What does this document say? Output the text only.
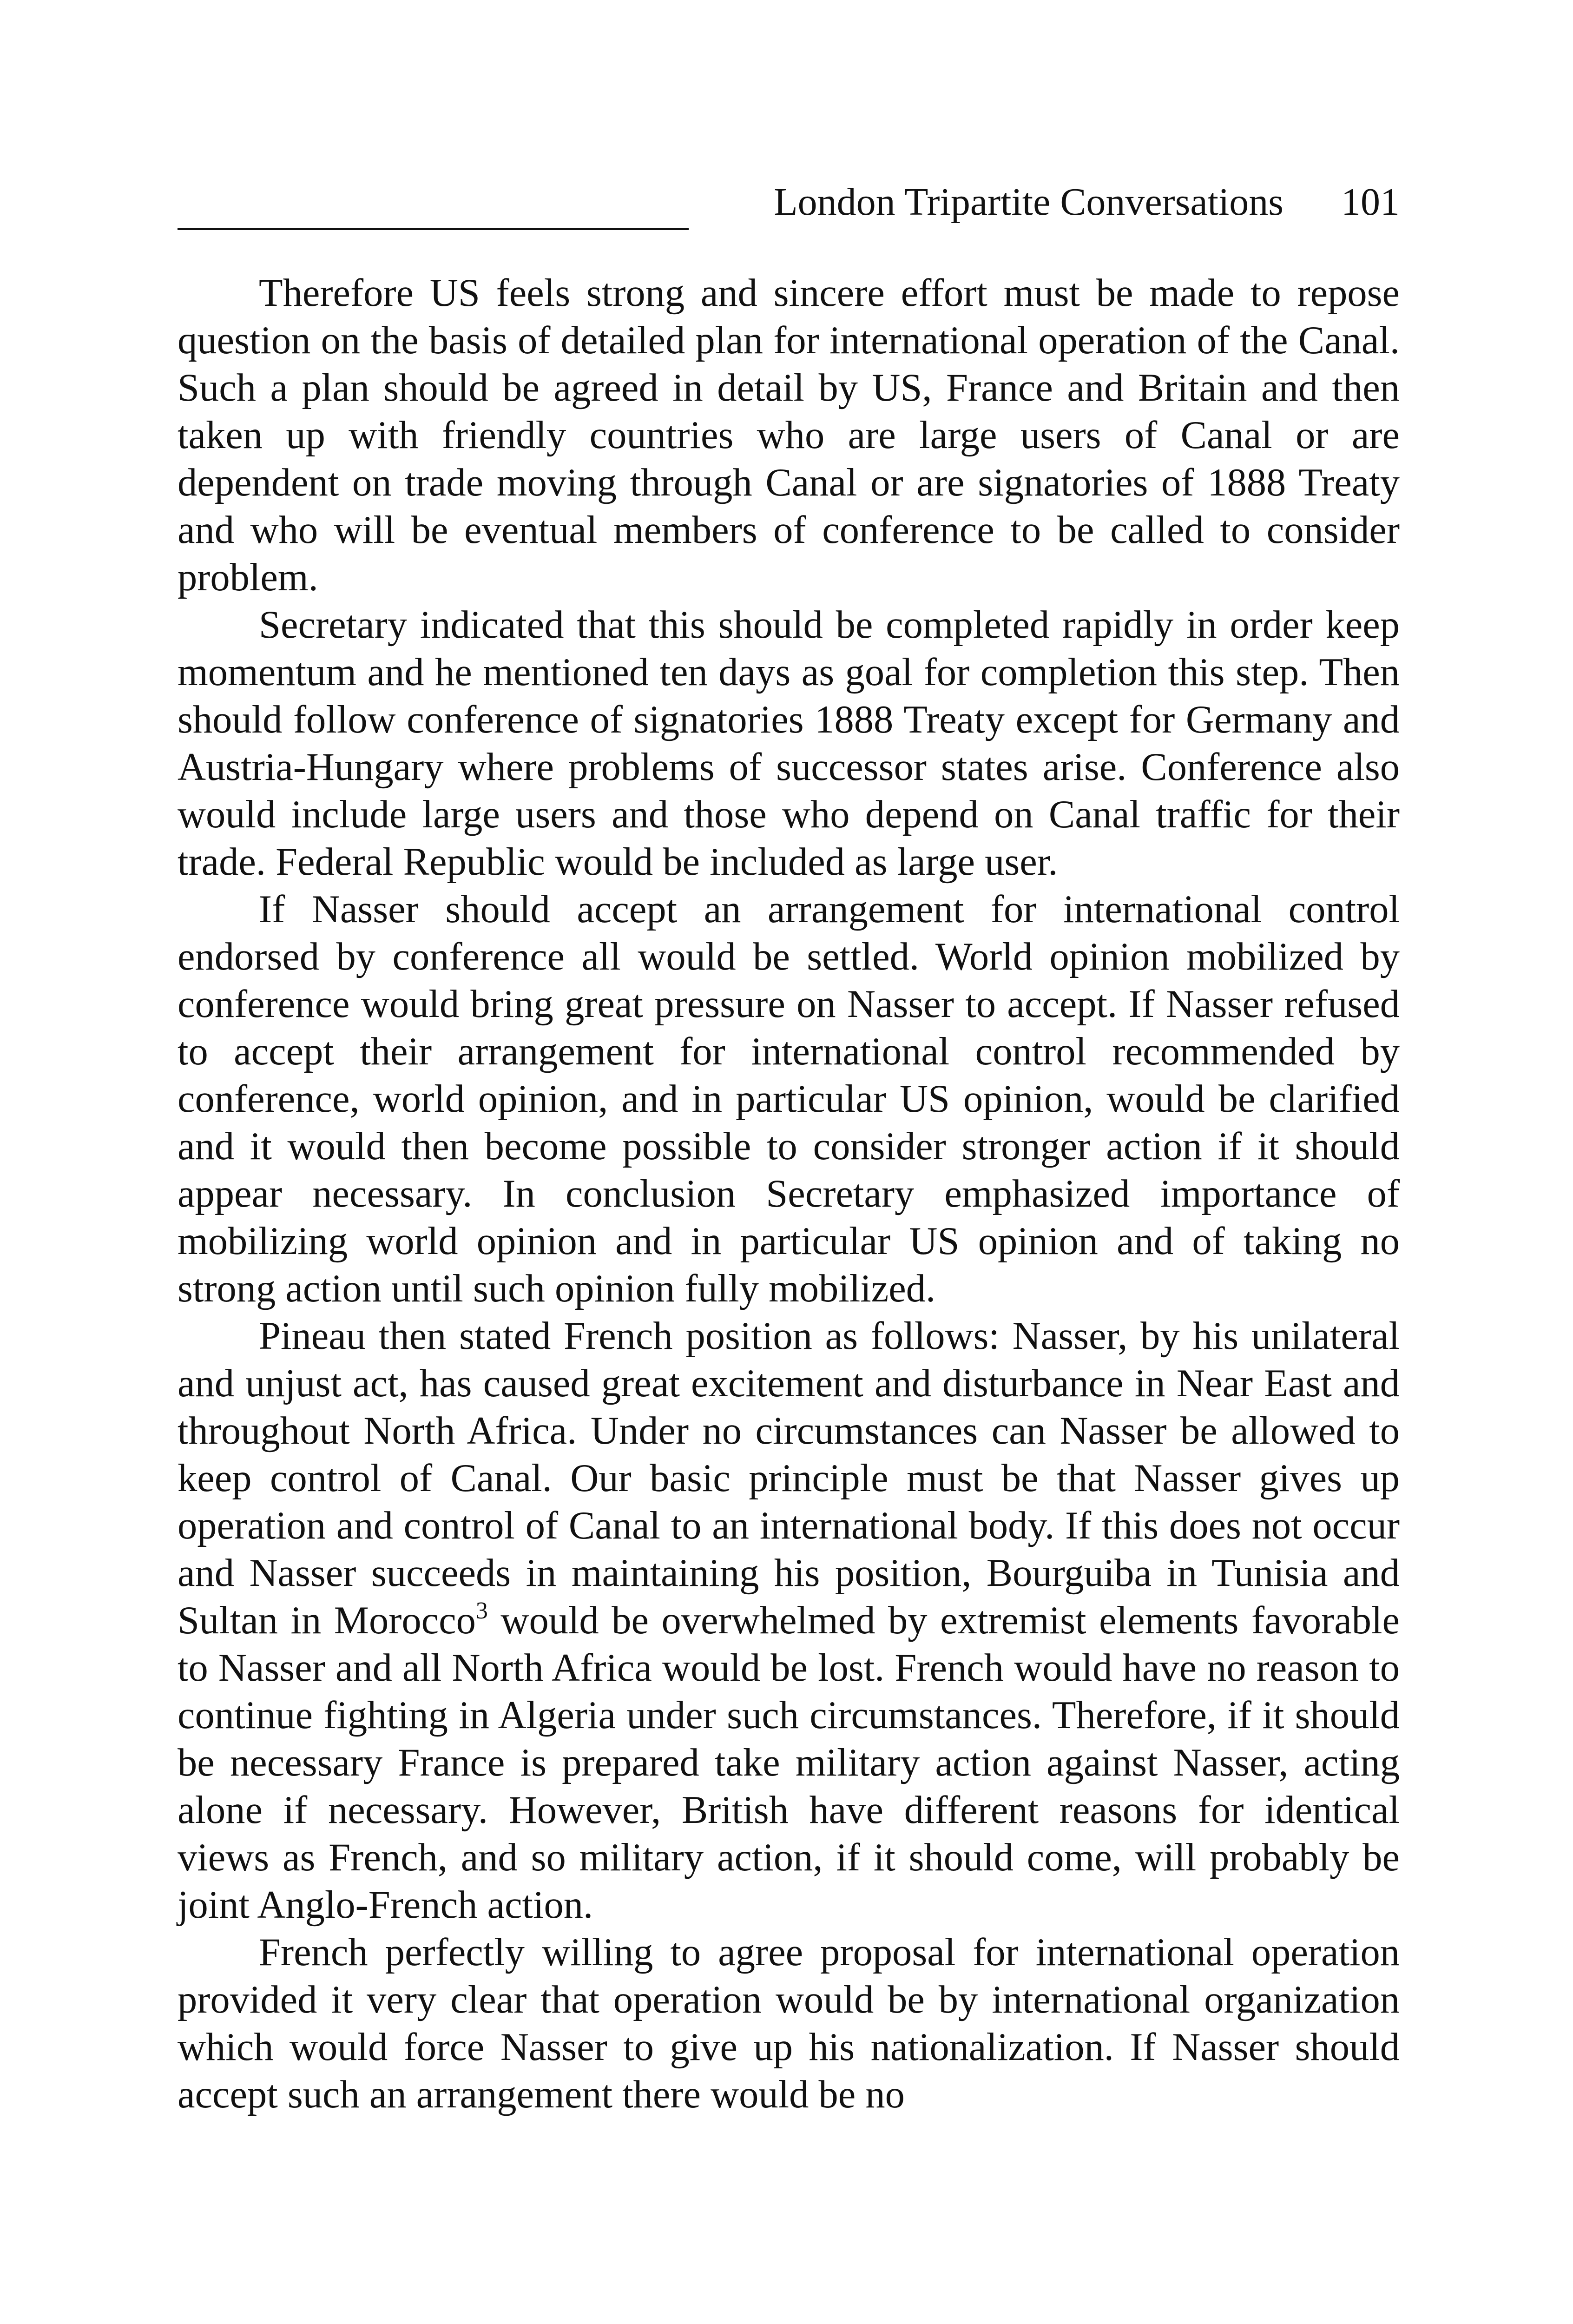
London Tripartite Conversations 101

Therefore US feels strong and sincere effort must be made to repose question on the basis of detailed plan for international operation of the Canal. Such a plan should be agreed in detail by US, France and Britain and then taken up with friendly countries who are large users of Canal or are dependent on trade moving through Canal or are signatories of 1888 Treaty and who will be eventual members of conference to be called to consider problem.

Secretary indicated that this should be completed rapidly in order keep momentum and he mentioned ten days as goal for completion this step. Then should follow conference of signatories 1888 Treaty except for Germany and Austria-Hungary where problems of successor states arise. Conference also would include large users and those who depend on Canal traffic for their trade. Federal Republic would be included as large user.

If Nasser should accept an arrangement for international control endorsed by conference all would be settled. World opinion mobilized by conference would bring great pressure on Nasser to accept. If Nasser refused to accept their arrangement for international control recommended by conference, world opinion, and in particular US opinion, would be clarified and it would then become possible to consider stronger action if it should appear necessary. In conclusion Secretary emphasized importance of mobilizing world opinion and in particular US opinion and of taking no strong action until such opinion fully mobilized.

Pineau then stated French position as follows: Nasser, by his unilateral and unjust act, has caused great excitement and disturbance in Near East and throughout North Africa. Under no circumstances can Nasser be allowed to keep control of Canal. Our basic principle must be that Nasser gives up operation and control of Canal to an international body. If this does not occur and Nasser succeeds in maintaining his position, Bourguiba in Tunisia and Sultan in Morocco$^3$ would be overwhelmed by extremist elements favorable to Nasser and all North Africa would be lost. French would have no reason to continue fighting in Algeria under such circumstances. Therefore, if it should be necessary France is prepared take military action against Nasser, acting alone if necessary. However, British have different reasons for identical views as French, and so military action, if it should come, will probably be joint Anglo-French action.

French perfectly willing to agree proposal for international operation provided it very clear that operation would be by international organization which would force Nasser to give up his nationalization. If Nasser should accept such an arrangement there would be no
